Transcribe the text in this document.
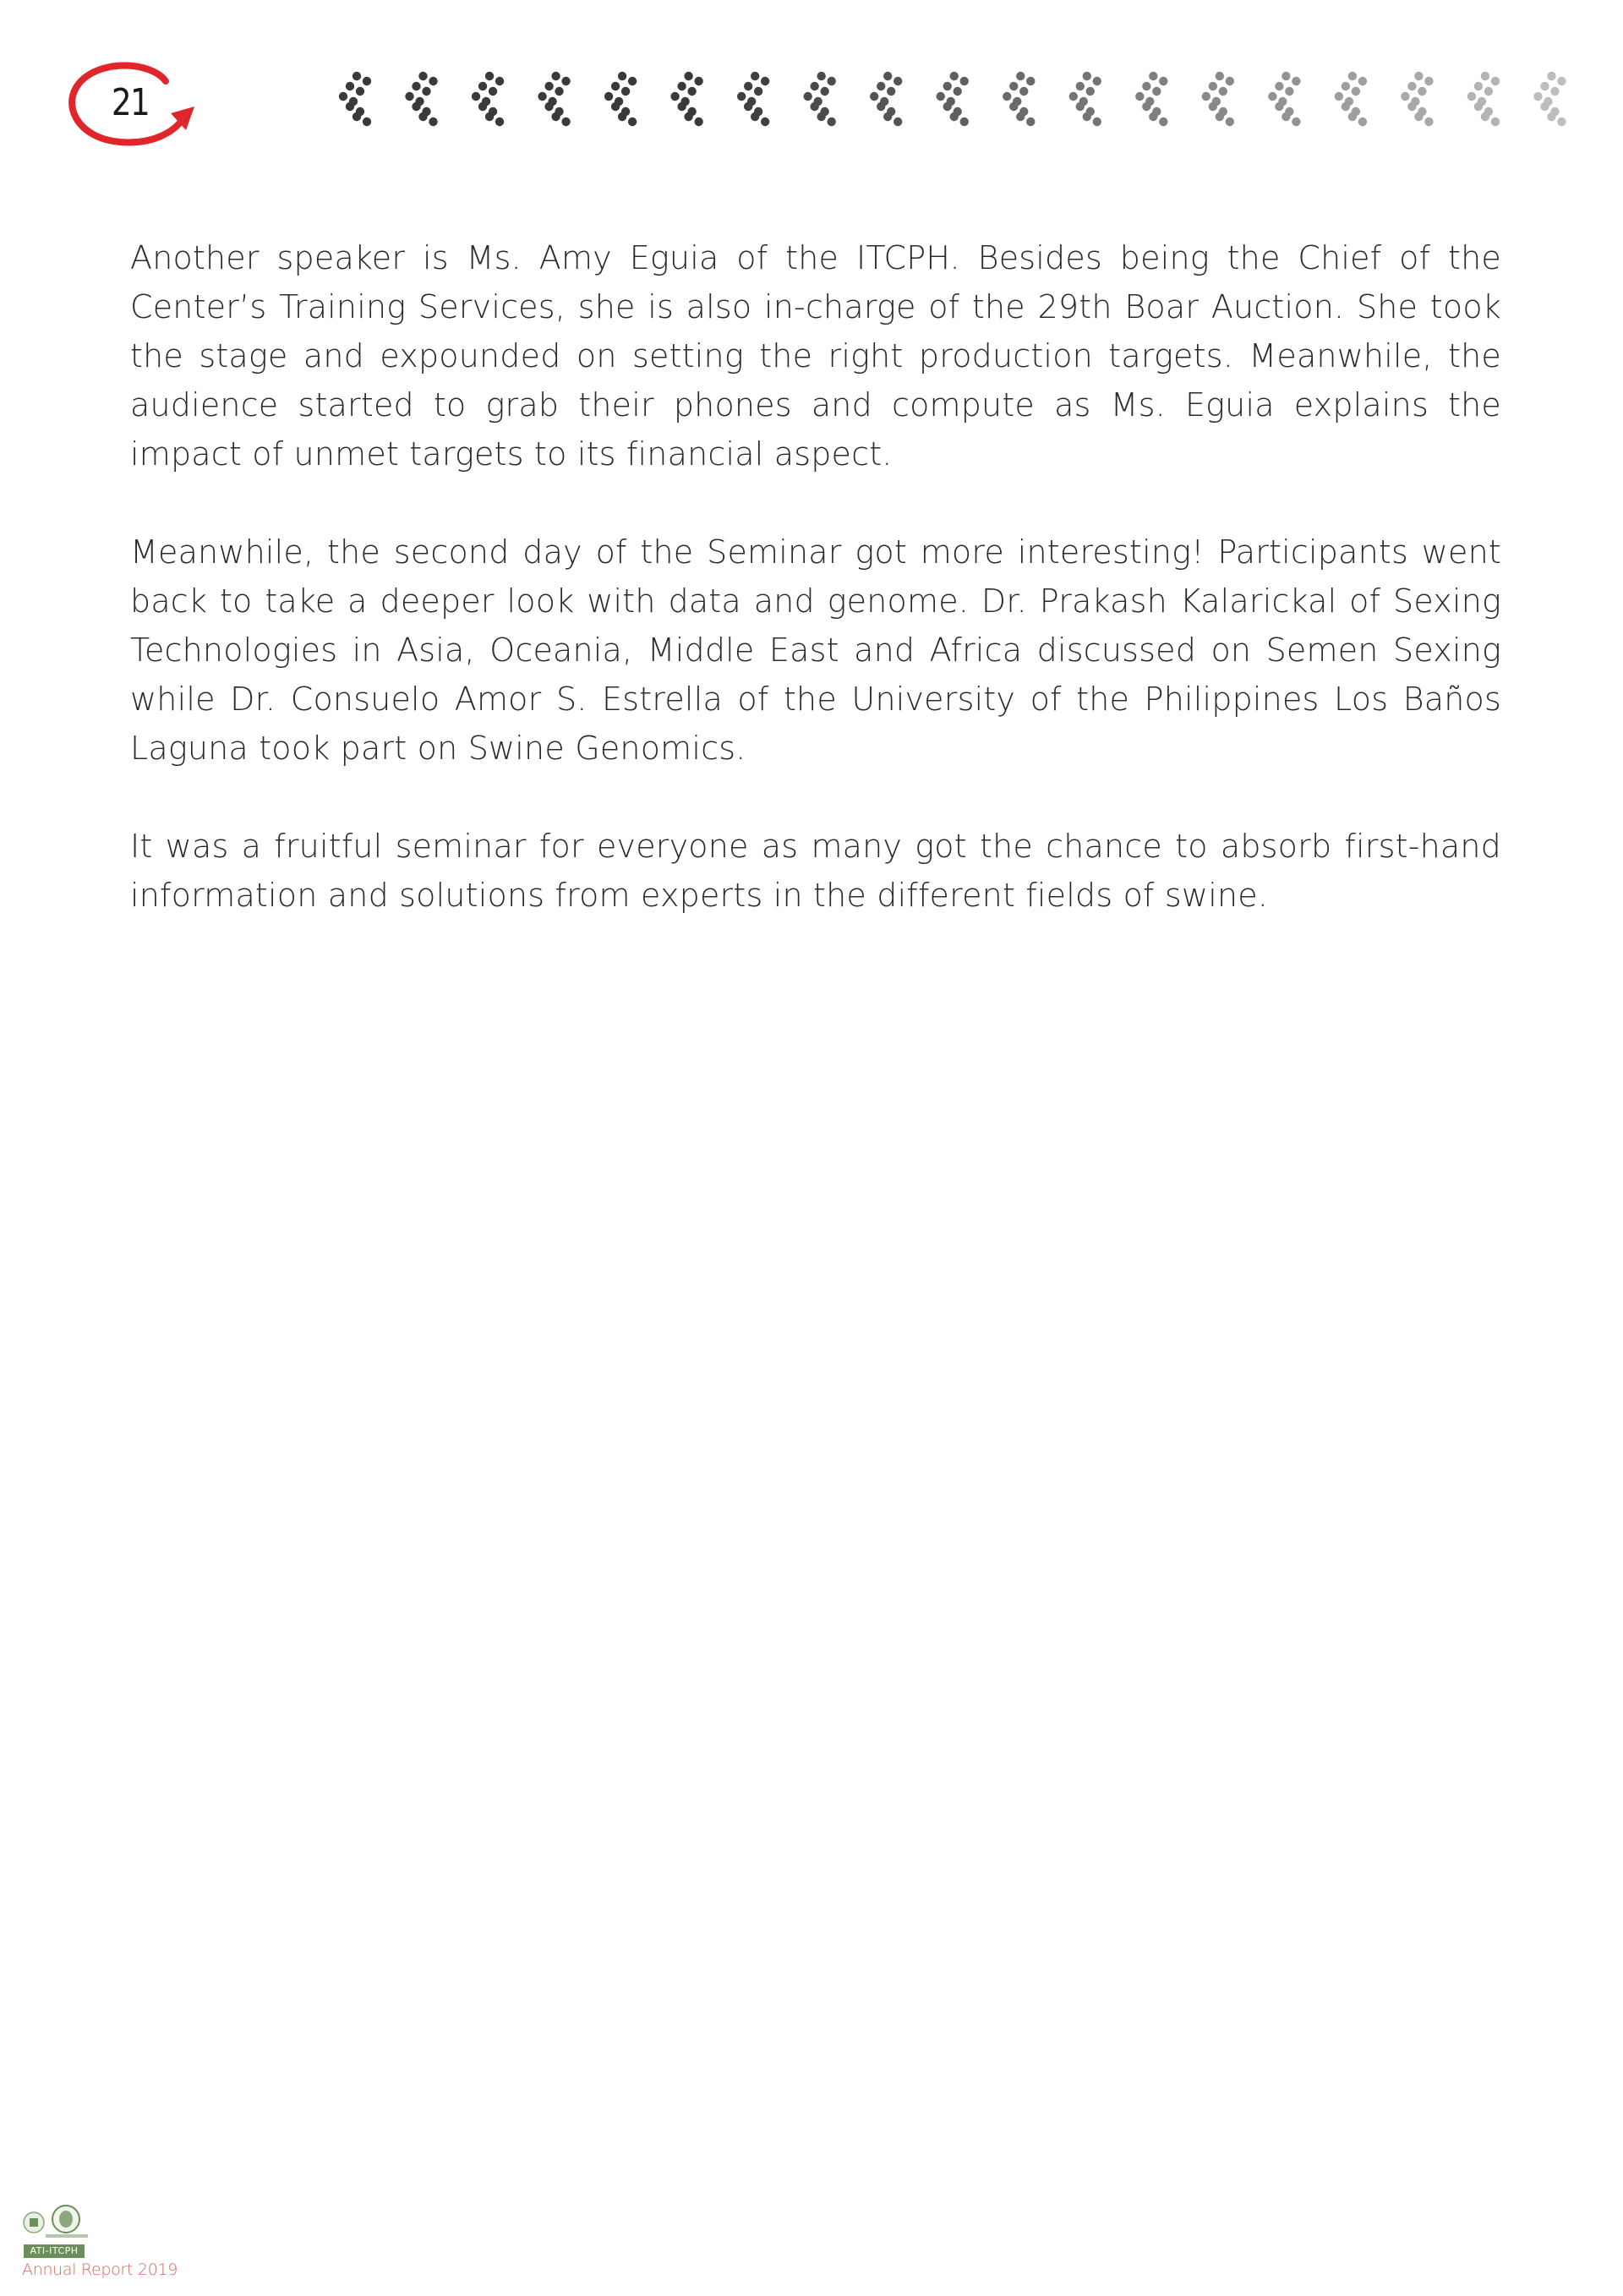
21

Another speaker is Ms. Amy Eguia of the ITCPH. Besides being the Chief of the Center’s Training Services, she is also in-charge of the 29th Boar Auction. She took the stage and expounded on setting the right production targets. Meanwhile, the audience started to grab their phones and compute as Ms. Eguia explains the impact of unmet targets to its financial aspect.

Meanwhile, the second day of the Seminar got more interesting! Participants went back to take a deeper look with data and genome. Dr. Prakash Kalarickal of Sexing Technologies in Asia, Oceania, Middle East and Africa discussed on Semen Sexing while Dr. Consuelo Amor S. Estrella of the University of the Philippines Los Baños Laguna took part on Swine Genomics.

It was a fruitful seminar for everyone as many got the chance to absorb first-hand information and solutions from experts in the different fields of swine.

ATI-ITCPH
Annual Report 2019
